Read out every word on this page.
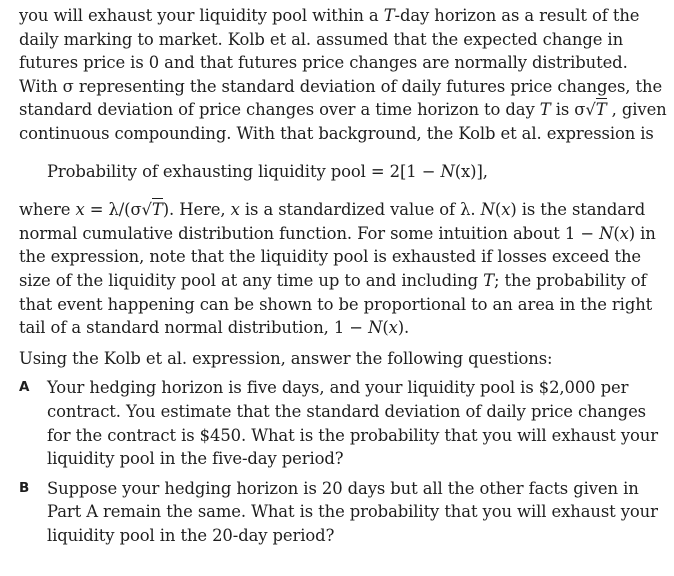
you will exhaust your liquidity pool within a T-day horizon as a result of the daily marking to market. Kolb et al. assumed that the expected change in futures price is 0 and that futures price changes are normally distributed. With σ representing the standard deviation of daily futures price changes, the standard deviation of price changes over a time horizon to day T is σ√T , given continuous compounding. With that background, the Kolb et al. expression is

Probability of exhausting liquidity pool = 2[1 − N(x)],

where x = λ/(σ√T). Here, x is a standardized value of λ. N(x) is the standard normal cumulative distribution function. For some intuition about 1 − N(x) in the expression, note that the liquidity pool is exhausted if losses exceed the size of the liquidity pool at any time up to and including T; the probability of that event happening can be shown to be proportional to an area in the right tail of a standard normal distribution, 1 − N(x).

Using the Kolb et al. expression, answer the following questions:

A Your hedging horizon is five days, and your liquidity pool is $2,000 per contract. You estimate that the standard deviation of daily price changes for the contract is $450. What is the probability that you will exhaust your liquidity pool in the five-day period?

B Suppose your hedging horizon is 20 days but all the other facts given in Part A remain the same. What is the probability that you will exhaust your liquidity pool in the 20-day period?
